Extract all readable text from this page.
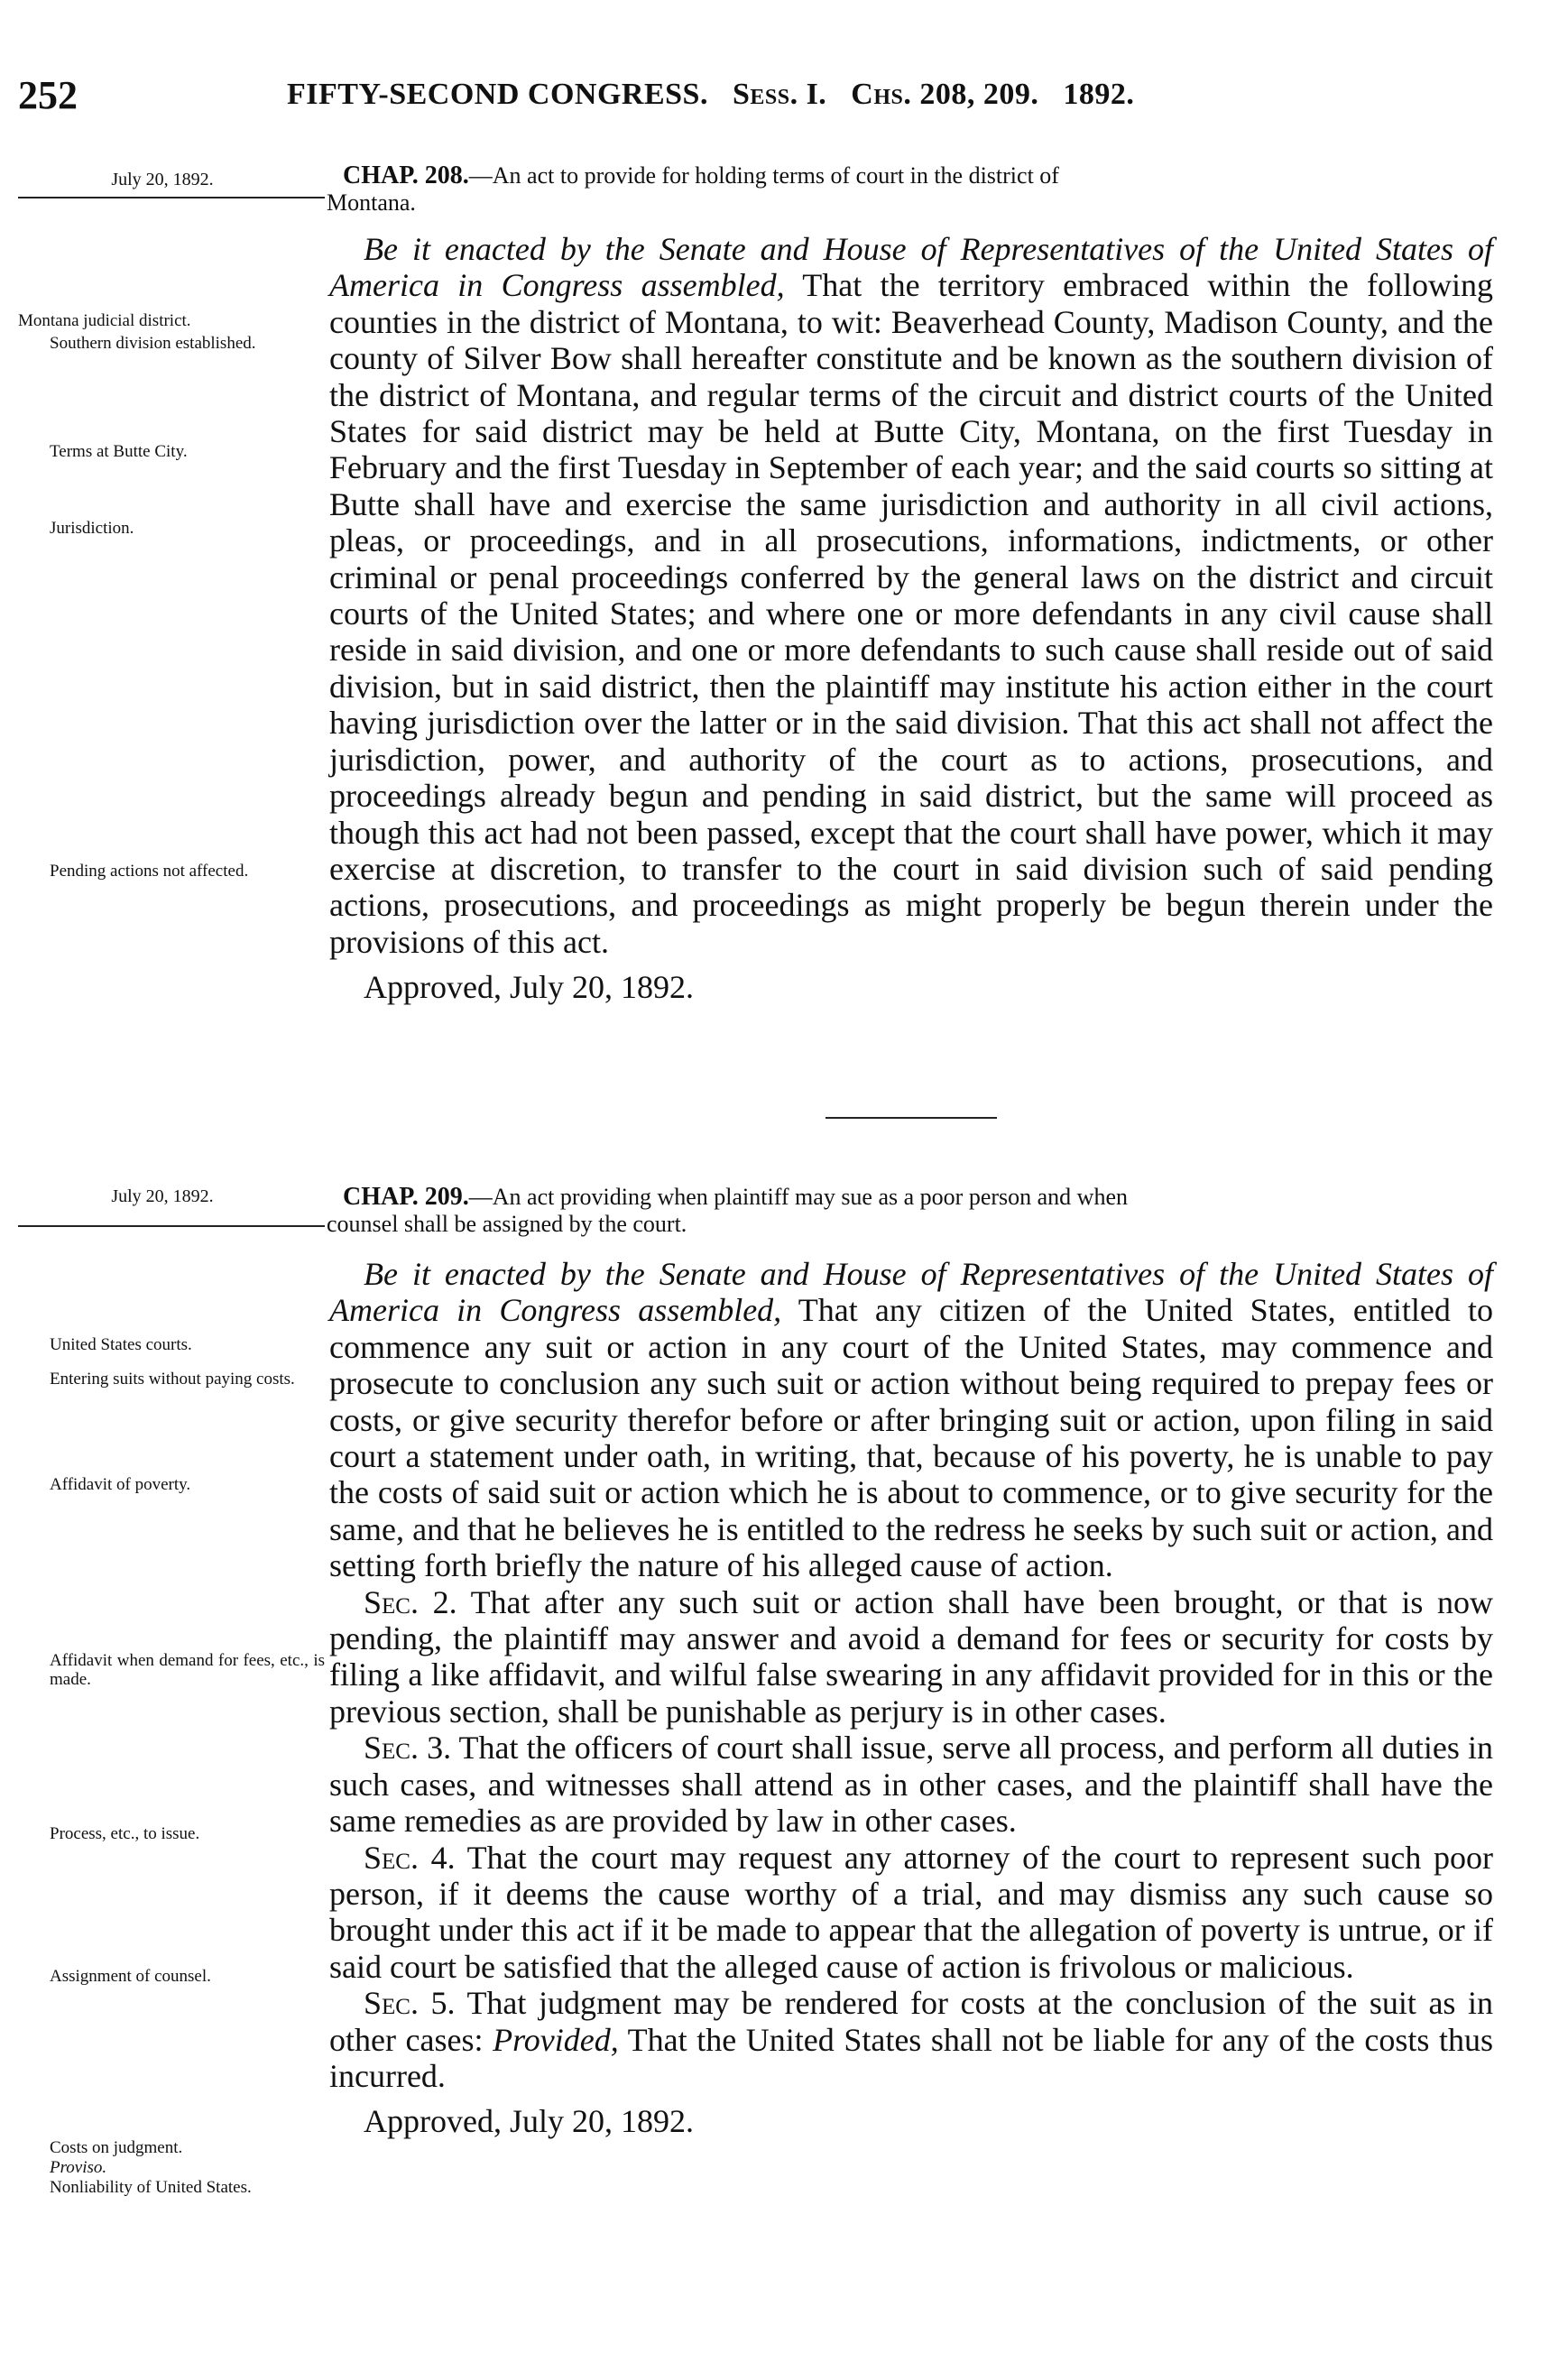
252	FIFTY-SECOND CONGRESS. Sess. I. Chs. 208, 209. 1892.
July 20, 1892.	CHAP. 208.—An act to provide for holding terms of court in the district of
Montana.

Be it enacted by the Senate and House of Representatives of the United States of America in Congress assembled, That the territory embraced within the following counties in the district of Montana, to wit: Beaverhead County, Madison County, and the county of Silver Bow shall hereafter constitute and be known as the southern division of the district of Montana, and regular terms of the circuit and district courts of the United States for said district may be held at Butte City, Montana, on the first Tuesday in February and the first Tuesday in September of each year; and the said courts so sitting at Butte shall have and exercise the same jurisdiction and authority in all civil actions, pleas, or proceedings, and in all prosecutions, informations, indictments, or other criminal or penal proceedings conferred by the general laws on the district and circuit courts of the United States; and where one or more defendants in any civil cause shall reside in said division, and one or more defendants to such cause shall reside out of said division, but in said district, then the plaintiff may institute his action either in the court having jurisdiction over the latter or in the said division. That this act shall not affect the jurisdiction, power, and authority of the court as to actions, prosecutions, and proceedings already begun and pending in said district, but the same will proceed as though this act had not been passed, except that the court shall have power, which it may exercise at discretion, to transfer to the court in said division such of said pending actions, prosecutions, and proceedings as might properly be begun therein under the provisions of this act.

Approved, July 20, 1892.

Montana judicial district.
Southern division established.
Terms at Butte City.
Jurisdiction.
Pending actions not affected.
July 20, 1892.	CHAP. 209.—An act providing when plaintiff may sue as a poor person and when
counsel shall be assigned by the court.

Be it enacted by the Senate and House of Representatives of the United States of America in Congress assembled, That any citizen of the United States, entitled to commence any suit or action in any court of the United States, may commence and prosecute to conclusion any such suit or action without being required to prepay fees or costs, or give security therefor before or after bringing suit or action, upon filing in said court a statement under oath, in writing, that, because of his poverty, he is unable to pay the costs of said suit or action which he is about to commence, or to give security for the same, and that he believes he is entitled to the redress he seeks by such suit or action, and setting forth briefly the nature of his alleged cause of action.

Sec. 2. That after any such suit or action shall have been brought, or that is now pending, the plaintiff may answer and avoid a demand for fees or security for costs by filing a like affidavit, and wilful false swearing in any affidavit provided for in this or the previous section, shall be punishable as perjury is in other cases.

Sec. 3. That the officers of court shall issue, serve all process, and perform all duties in such cases, and witnesses shall attend as in other cases, and the plaintiff shall have the same remedies as are provided by law in other cases.

Sec. 4. That the court may request any attorney of the court to represent such poor person, if it deems the cause worthy of a trial, and may dismiss any such cause so brought under this act if it be made to appear that the allegation of poverty is untrue, or if said court be satisfied that the alleged cause of action is frivolous or malicious.

Sec. 5. That judgment may be rendered for costs at the conclusion of the suit as in other cases: Provided, That the United States shall not be liable for any of the costs thus incurred.

Approved, July 20, 1892.

United States courts.
Entering suits without paying costs.
Affidavit of poverty.
Affidavit when demand for fees, etc., is made.
Process, etc., to issue.
Assignment of counsel.
Costs on judgment.
Proviso.
Nonliability of United States.
